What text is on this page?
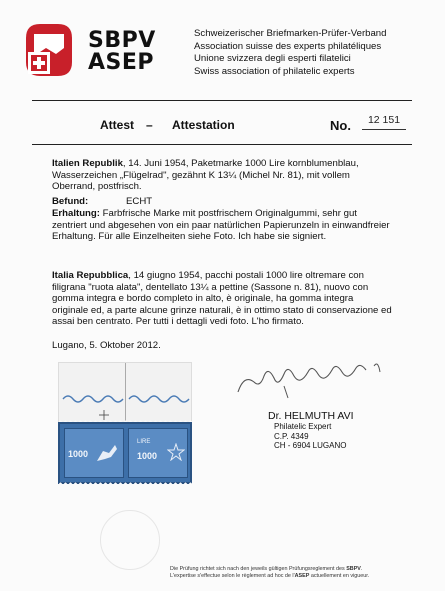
SBPV
ASEP
Schweizerischer Briefmarken-Prüfer-Verband
Association suisse des experts philatéliques
Unione svizzera degli esperti filatelici
Swiss association of philatelic experts
Attest – Attestation	No.	12 151
Italien Republik, 14. Juni 1954, Paketmarke 1000 Lire kornblumenblau, Wasserzeichen „Flügelrad", gezähnt K 13¼ (Michel Nr. 81), mit vollem Oberrand, postfrisch.
Befund:	ECHT
Erhaltung: Farbfrische Marke mit postfrischem Originalgummi, sehr gut zentriert und abgesehen von ein paar natürlichen Papierunzeln in einwandfreier Erhaltung. Für alle Einzelheiten siehe Foto. Ich habe sie signiert.
Italia Repubblica, 14 giugno 1954, pacchi postali 1000 lire oltremare con filigrana "ruota alata", dentellato 13¼ a pettine (Sassone n. 81), nuovo con gomma integra e bordo completo in alto, è originale, ha gomma integra originale ed, a parte alcune grinze naturali, è in ottimo stato di conservazione ed assai ben centrato. Per tutti i dettagli vedi foto. L'ho firmato.
Lugano, 5. Oktober 2012.
Dr. HELMUTH AVI
Philatelic Expert
C.P. 4349
CH - 6904 LUGANO
1000
LIRE
1000
Die Prüfung richtet sich nach den jeweils gültigen Prüfungsreglement des SBPV.
L'expertise s'effectue selon le règlement ad hoc de l'ASEP actuellement en vigueur.
